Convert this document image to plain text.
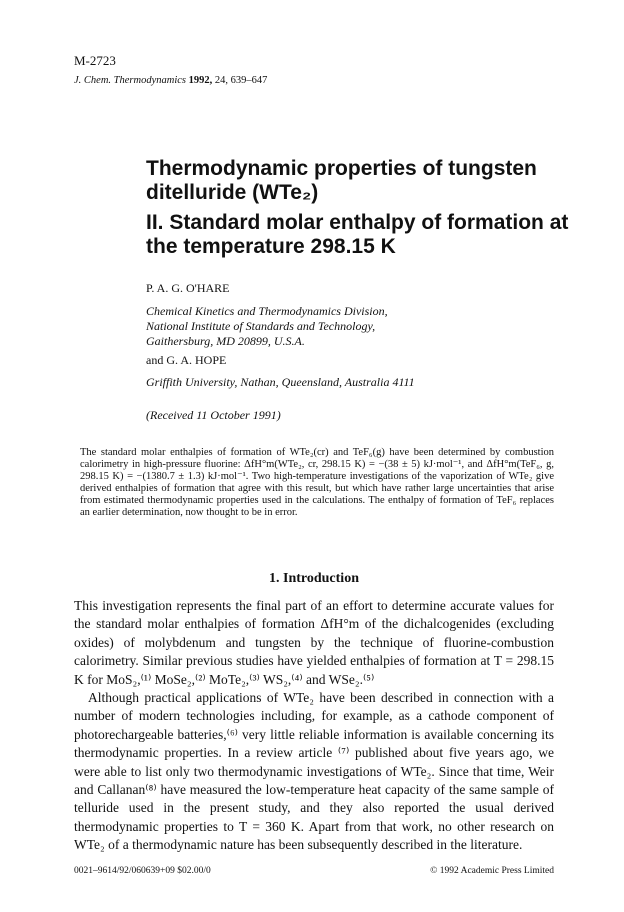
M-2723
J. Chem. Thermodynamics 1992, 24, 639–647

Thermodynamic properties of tungsten ditelluride (WTe₂)

II. Standard molar enthalpy of formation at the temperature 298.15 K

P. A. G. O'HARE
Chemical Kinetics and Thermodynamics Division,
National Institute of Standards and Technology,
Gaithersburg, MD 20899, U.S.A.
and G. A. HOPE
Griffith University, Nathan, Queensland, Australia 4111
(Received 11 October 1991)
The standard molar enthalpies of formation of WTe₂(cr) and TeF₆(g) have been determined by combustion calorimetry in high-pressure fluorine: ΔfH°m(WTe₂, cr, 298.15 K) = −(38 ± 5) kJ·mol⁻¹, and ΔfH°m(TeF₆, g, 298.15 K) = −(1380.7 ± 1.3) kJ·mol⁻¹. Two high-temperature investigations of the vaporization of WTe₂ give derived enthalpies of formation that agree with this result, but which have rather large uncertainties that arise from estimated thermodynamic properties used in the calculations. The enthalpy of formation of TeF₆ replaces an earlier determination, now thought to be in error.
1. Introduction

This investigation represents the final part of an effort to determine accurate values for the standard molar enthalpies of formation ΔfH°m of the dichalcogenides (excluding oxides) of molybdenum and tungsten by the technique of fluorine-combustion calorimetry. Similar previous studies have yielded enthalpies of formation at T = 298.15 K for MoS₂,⁽¹⁾ MoSe₂,⁽²⁾ MoTe₂,⁽³⁾ WS₂,⁽⁴⁾ and WSe₂.⁽⁵⁾

Although practical applications of WTe₂ have been described in connection with a number of modern technologies including, for example, as a cathode component of photorechargeable batteries,⁽⁶⁾ very little reliable information is available concerning its thermodynamic properties. In a review article ⁽⁷⁾ published about five years ago, we were able to list only two thermodynamic investigations of WTe₂. Since that time, Weir and Callanan⁽⁸⁾ have measured the low-temperature heat capacity of the same sample of telluride used in the present study, and they also reported the usual derived thermodynamic properties to T = 360 K. Apart from that work, no other research on WTe₂ of a thermodynamic nature has been subsequently described in the literature.

0021–9614/92/060639+09 $02.00/0	© 1992 Academic Press Limited
